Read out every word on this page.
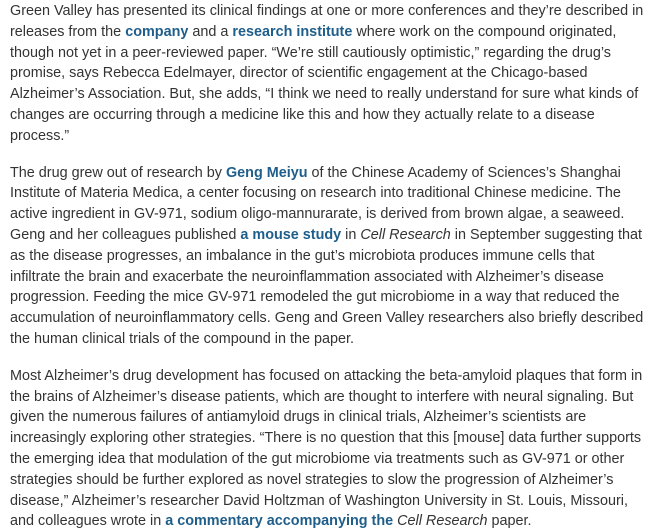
Green Valley has presented its clinical findings at one or more conferences and they’re described in releases from the company and a research institute where work on the compound originated, though not yet in a peer-reviewed paper. “We’re still cautiously optimistic,” regarding the drug’s promise, says Rebecca Edelmayer, director of scientific engagement at the Chicago-based Alzheimer’s Association. But, she adds, “I think we need to really understand for sure what kinds of changes are occurring through a medicine like this and how they actually relate to a disease process.”

The drug grew out of research by Geng Meiyu of the Chinese Academy of Sciences’s Shanghai Institute of Materia Medica, a center focusing on research into traditional Chinese medicine. The active ingredient in GV-971, sodium oligo-mannurarate, is derived from brown algae, a seaweed. Geng and her colleagues published a mouse study in Cell Research in September suggesting that as the disease progresses, an imbalance in the gut’s microbiota produces immune cells that infiltrate the brain and exacerbate the neuroinflammation associated with Alzheimer’s disease progression. Feeding the mice GV-971 remodeled the gut microbiome in a way that reduced the accumulation of neuroinflammatory cells. Geng and Green Valley researchers also briefly described the human clinical trials of the compound in the paper.

Most Alzheimer’s drug development has focused on attacking the beta-amyloid plaques that form in the brains of Alzheimer’s disease patients, which are thought to interfere with neural signaling. But given the numerous failures of antiamyloid drugs in clinical trials, Alzheimer’s scientists are increasingly exploring other strategies. “There is no question that this [mouse] data further supports the emerging idea that modulation of the gut microbiome via treatments such as GV-971 or other strategies should be further explored as novel strategies to slow the progression of Alzheimer’s disease,” Alzheimer’s researcher David Holtzman of Washington University in St. Louis, Missouri, and colleagues wrote in a commentary accompanying the Cell Research paper.
